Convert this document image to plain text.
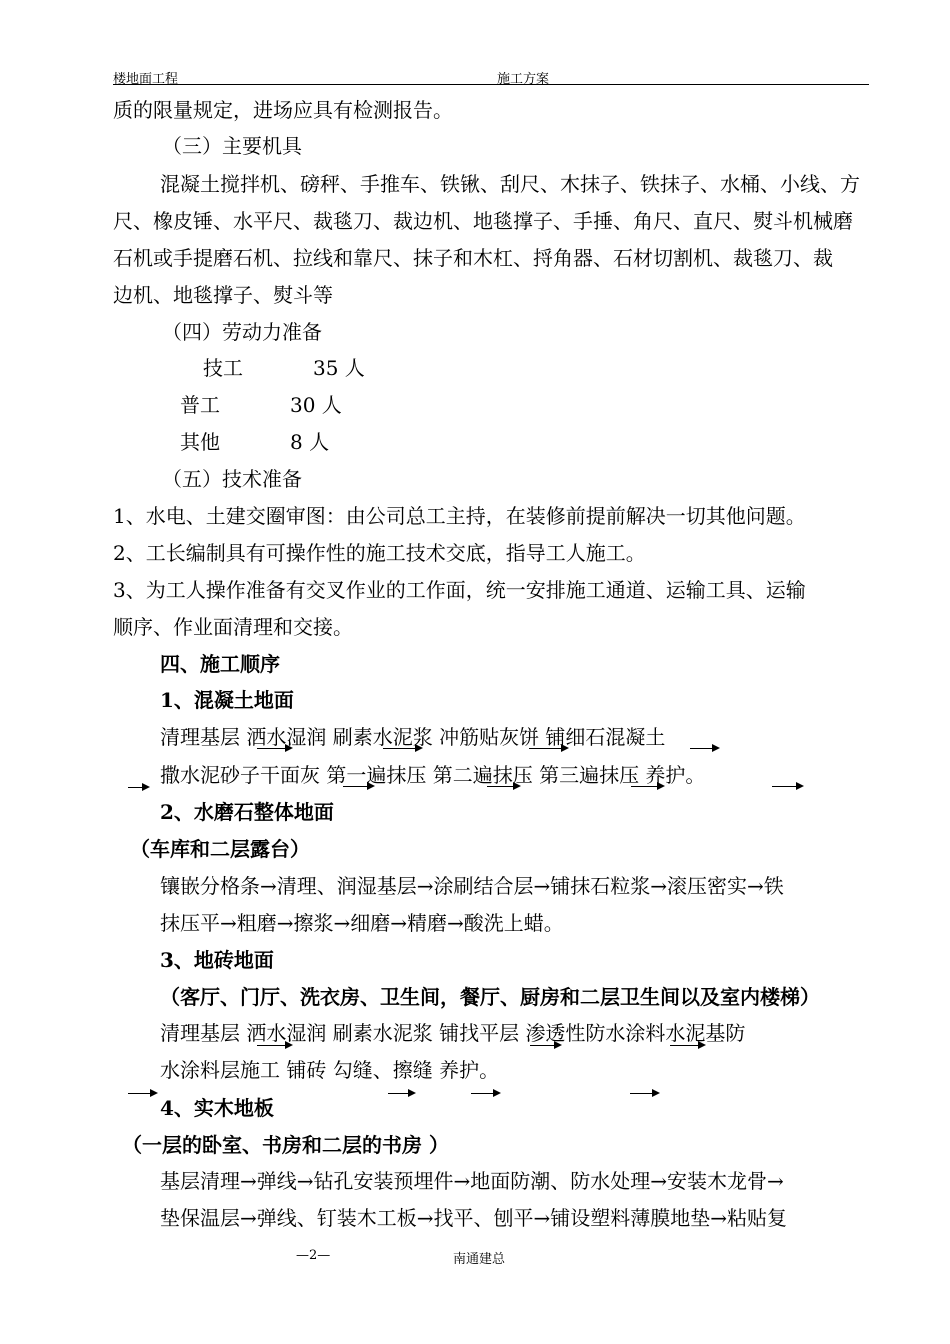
楼地面工程	施工方案
质的限量规定，进场应具有检测报告。
（三）主要机具
混凝土搅拌机、磅秤、手推车、铁锹、刮尺、木抹子、铁抹子、水桶、小线、方
尺、橡皮锤、水平尺、裁毯刀、裁边机、地毯撑子、手捶、角尺、直尺、熨斗机械磨
石机或手提磨石机、拉线和靠尺、抹子和木杠、捋角器、石材切割机、裁毯刀、裁
边机、地毯撑子、熨斗等
（四）劳动力准备
技工	35 人
普工	30 人
其他	8 人
（五）技术准备
1、水电、土建交圈审图：由公司总工主持，在装修前提前解决一切其他问题。
2、工长编制具有可操作性的施工技术交底，指导工人施工。
3、为工人操作准备有交叉作业的工作面，统一安排施工通道、运输工具、运输
顺序、作业面清理和交接。
四、施工顺序
1、混凝土地面
清理基层 洒水湿润 刷素水泥浆 冲筋贴灰饼 铺细石混凝土
撒水泥砂子干面灰 第一遍抹压 第二遍抹压 第三遍抹压 养护。
2、水磨石整体地面
（车库和二层露台）
镶嵌分格条→清理、润湿基层→涂刷结合层→铺抹石粒浆→滚压密实→铁
抹压平→粗磨→擦浆→细磨→精磨→酸洗上蜡。
3、地砖地面
（客厅、门厅、洗衣房、卫生间，餐厅、厨房和二层卫生间以及室内楼梯）
清理基层 洒水湿润 刷素水泥浆 铺找平层 渗透性防水涂料水泥基防
水涂料层施工 铺砖 勾缝、擦缝 养护。
4、实木地板
（一层的卧室、书房和二层的书房 ）
基层清理→弹线→钻孔安装预埋件→地面防潮、防水处理→安装木龙骨→
垫保温层→弹线、钉装木工板→找平、刨平→铺设塑料薄膜地垫→粘贴复
—2—	南通建总
